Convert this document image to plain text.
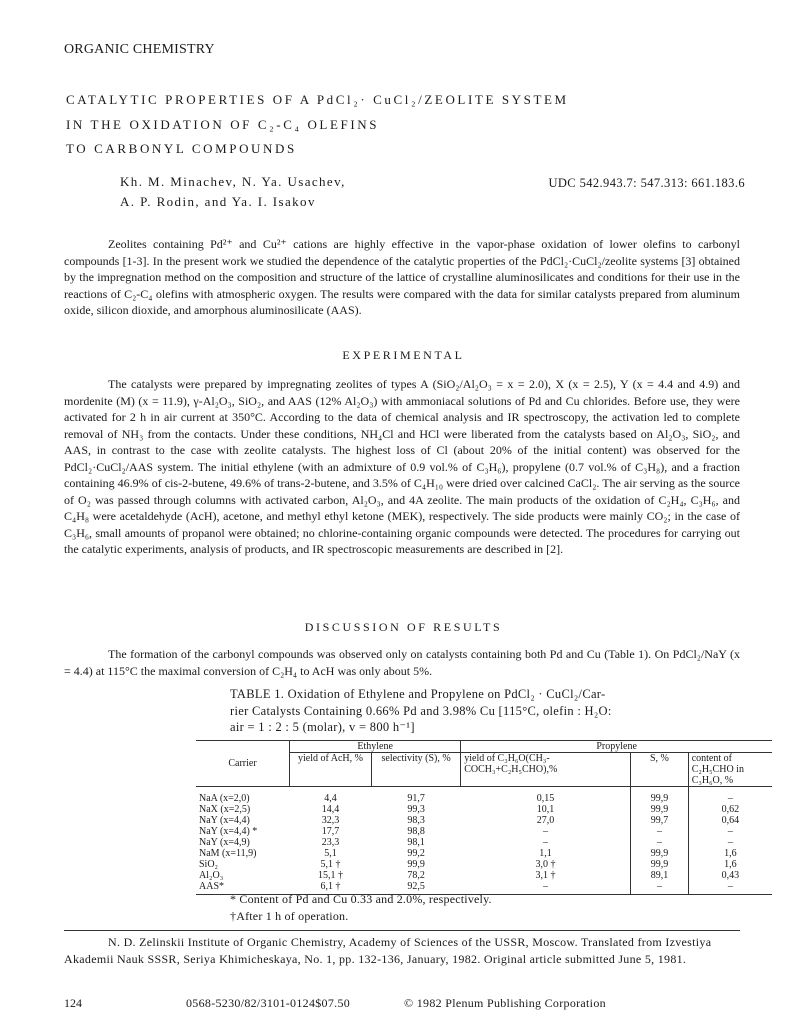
ORGANIC CHEMISTRY
CATALYTIC PROPERTIES OF A PdCl₂· CuCl₂/ZEOLITE SYSTEM
IN THE OXIDATION OF C₂-C₄ OLEFINS
TO CARBONYL COMPOUNDS
Kh. M. Minachev, N. Ya. Usachev,
A. P. Rodin, and Ya. I. Isakov
UDC 542.943.7: 547.313: 661.183.6

Zeolites containing Pd²⁺ and Cu²⁺ cations are highly effective in the vapor-phase oxidation of lower olefins to carbonyl compounds [1-3]. In the present work we studied the dependence of the catalytic properties of the PdCl₂·CuCl₂/zeolite systems [3] obtained by the impregnation method on the composition and structure of the lattice of crystalline aluminosilicates and conditions for their use in the reactions of C₂-C₄ olefins with atmospheric oxygen. The results were compared with the data for similar catalysts prepared from aluminum oxide, silicon dioxide, and amorphous aluminosilicate (AAS).

EXPERIMENTAL

The catalysts were prepared by impregnating zeolites of types A (SiO₂/Al₂O₃ = x = 2.0), X (x = 2.5), Y (x = 4.4 and 4.9) and mordenite (M) (x = 11.9), γ-Al₂O₃, SiO₂, and AAS (12% Al₂O₃) with ammoniacal solutions of Pd and Cu chlorides. Before use, they were activated for 2 h in air current at 350°C. According to the data of chemical analysis and IR spectroscopy, the activation led to complete removal of NH₃ from the contacts. Under these conditions, NH₄Cl and HCl were liberated from the catalysts based on Al₂O₃, SiO₂, and AAS, in contrast to the case with zeolite catalysts. The highest loss of Cl (about 20% of the initial content) was observed for the PdCl₂·CuCl₂/AAS system. The initial ethylene (with an admixture of 0.9 vol.% of C₃H₆), propylene (0.7 vol.% of C₃H₈), and a fraction containing 46.9% of cis-2-butene, 49.6% of trans-2-butene, and 3.5% of C₄H₁₀ were dried over calcined CaCl₂. The air serving as the source of O₂ was passed through columns with activated carbon, Al₂O₃, and 4A zeolite. The main products of the oxidation of C₂H₄, C₃H₆, and C₄H₈ were acetaldehyde (AcH), acetone, and methyl ethyl ketone (MEK), respectively. The side products were mainly CO₂; in the case of C₃H₆, small amounts of propanol were obtained; no chlorine-containing organic compounds were detected. The procedures for carrying out the catalytic experiments, analysis of products, and IR spectroscopic measurements are described in [2].

DISCUSSION OF RESULTS

The formation of the carbonyl compounds was observed only on catalysts containing both Pd and Cu (Table 1). On PdCl₂/NaY (x = 4.4) at 115°C the maximal conversion of C₂H₄ to AcH was only about 5%.

TABLE 1. Oxidation of Ethylene and Propylene on PdCl₂ · CuCl₂/Car-
rier Catalysts Containing 0.66% Pd and 3.98% Cu [115°C, olefin : H₂O:
air = 1 : 2 : 5 (molar), v = 800 h⁻¹]
Carrier	Ethylene		Propylene		
	yield of AcH, %	selectivity (S), %	yield of C₃H₆O(CH₃-COCH₃+C₂H₅CHO),%	S, %	content of C₂H₅CHO in C₃H₆O, %
NaA (x=2,0)	4,4	91,7	0,15	99,9	–
NaX (x=2,5)	14,4	99,3	10,1	99,9	0,62
NaY (x=4,4)	32,3	98,3	27,0	99,7	0,64
NaY (x=4,4) *	17,7	98,8	–	–	–
NaY (x=4,9)	23,3	98,1	–	–	–
NaM (x=11,9)	5,1	99,2	1,1	99,9	1,6
SiO₂	5,1 †	99,9	3,0 †	99,9	1,6
Al₂O₃	15,1 †	78,2	3,1 †	89,1	0,43
AAS*	6,1 †	92,5	–	–	–
* Content of Pd and Cu 0.33 and 2.0%, respectively.
†After 1 h of operation.

N. D. Zelinskii Institute of Organic Chemistry, Academy of Sciences of the USSR, Moscow. Translated from Izvestiya Akademii Nauk SSSR, Seriya Khimicheskaya, No. 1, pp. 132-136, January, 1982. Original article submitted June 5, 1981.

124	0568-5230/82/3101-0124$07.50	© 1982 Plenum Publishing Corporation
